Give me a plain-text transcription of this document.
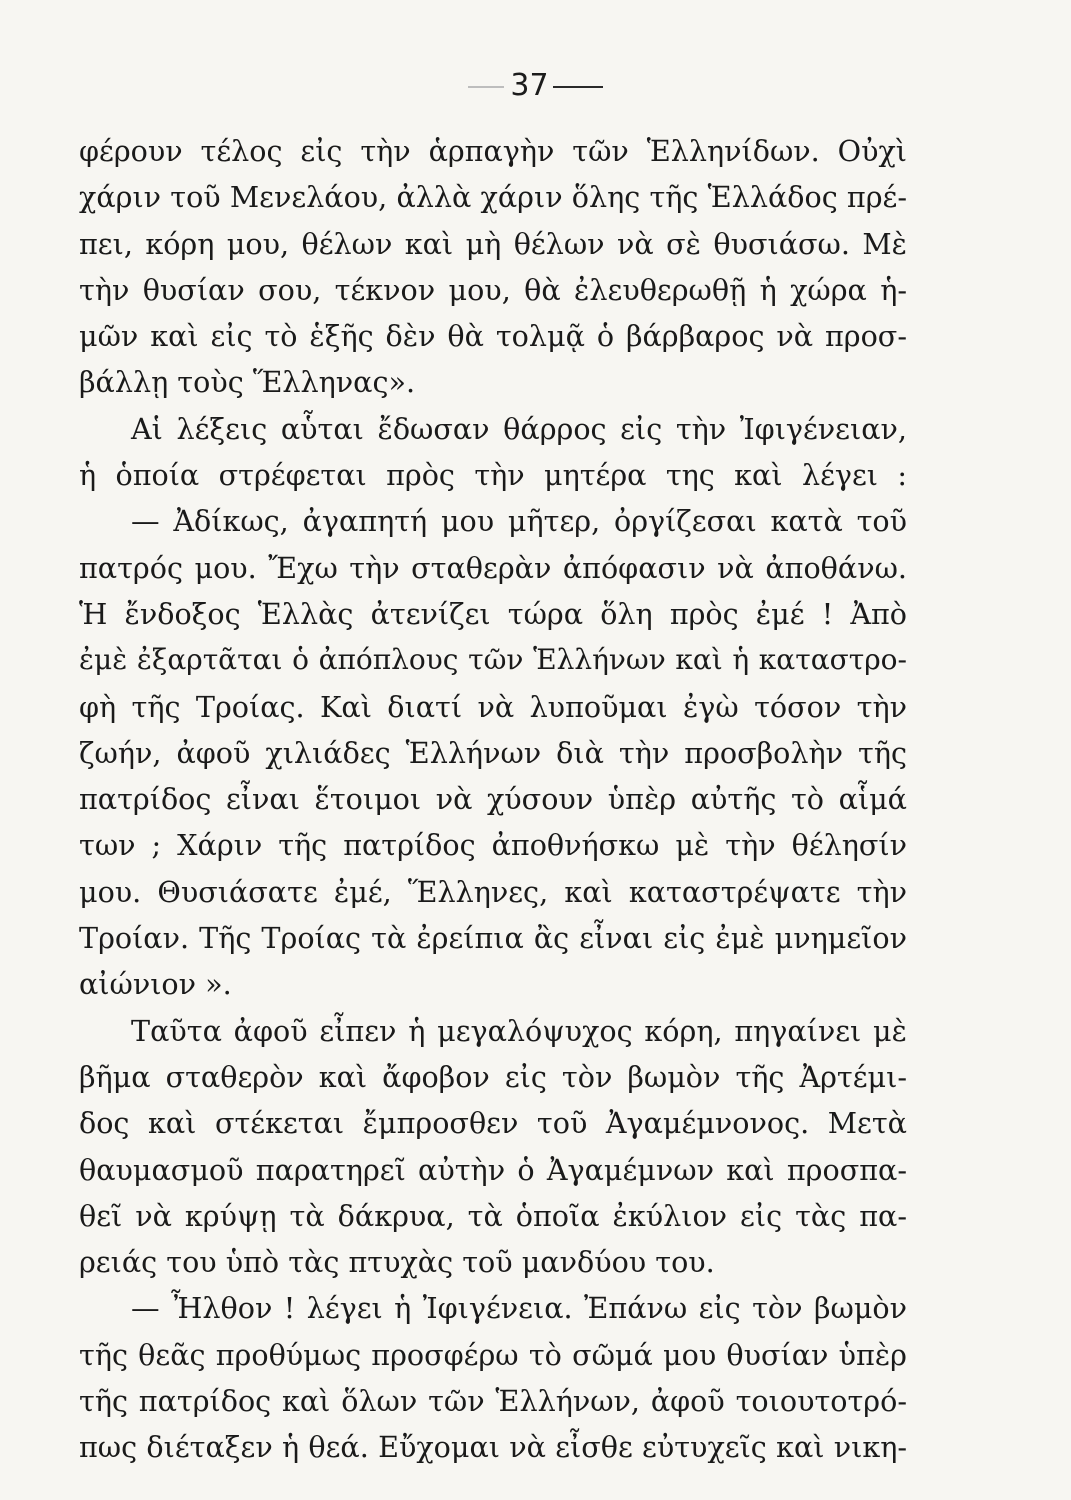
37
φέρουν τέλος εἰς τὴν ἁρπαγὴν τῶν Ἑλληνίδων. Οὐχὶ
χάριν τοῦ Μενελάου, ἀλλὰ χάριν ὅλης τῆς Ἑλλάδος πρέ-
πει, κόρη μου, θέλων καὶ μὴ θέλων νὰ σὲ θυσιάσω. Μὲ
τὴν θυσίαν σου, τέκνον μου, θὰ ἐλευθερωθῇ ἡ χώρα ἡ-
μῶν καὶ εἰς τὸ ἑξῆς δὲν θὰ τολμᾷ ὁ βάρβαρος νὰ προσ-
βάλλῃ τοὺς Ἕλληνας».
Αἱ λέξεις αὗται ἔδωσαν θάρρος εἰς τὴν Ἰφιγένειαν,
ἡ ὁποία στρέφεται πρὸς τὴν μητέρα της καὶ λέγει :
— Ἀδίκως, ἀγαπητή μου μῆτερ, ὀργίζεσαι κατὰ τοῦ
πατρός μου. Ἔχω τὴν σταθερὰν ἀπόφασιν νὰ ἀποθάνω.
Ἡ ἔνδοξος Ἑλλὰς ἀτενίζει τώρα ὅλη πρὸς ἐμέ ! Ἀπὸ
ἐμὲ ἐξαρτᾶται ὁ ἀπόπλους τῶν Ἑλλήνων καὶ ἡ καταστρο-
φὴ τῆς Τροίας. Καὶ διατί νὰ λυποῦμαι ἐγὼ τόσον τὴν
ζωήν, ἀφοῦ χιλιάδες Ἑλλήνων διὰ τὴν προσβολὴν τῆς
πατρίδος εἶναι ἕτοιμοι νὰ χύσουν ὑπὲρ αὐτῆς τὸ αἷμά
των ; Χάριν τῆς πατρίδος ἀποθνήσκω μὲ τὴν θέλησίν
μου. Θυσιάσατε ἐμέ, Ἕλληνες, καὶ καταστρέψατε τὴν
Τροίαν. Τῆς Τροίας τὰ ἐρείπια ἂς εἶναι εἰς ἐμὲ μνημεῖον
αἰώνιον ».
Ταῦτα ἀφοῦ εἶπεν ἡ μεγαλόψυχος κόρη, πηγαίνει μὲ
βῆμα σταθερὸν καὶ ἄφοβον εἰς τὸν βωμὸν τῆς Ἀρτέμι-
δος καὶ στέκεται ἔμπροσθεν τοῦ Ἀγαμέμνονος. Μετὰ
θαυμασμοῦ παρατηρεῖ αὐτὴν ὁ Ἀγαμέμνων καὶ προσπα-
θεῖ νὰ κρύψῃ τὰ δάκρυα, τὰ ὁποῖα ἐκύλιον εἰς τὰς πα-
ρειάς του ὑπὸ τὰς πτυχὰς τοῦ μανδύου του.
— Ἦλθον ! λέγει ἡ Ἰφιγένεια. Ἐπάνω εἰς τὸν βωμὸν
τῆς θεᾶς προθύμως προσφέρω τὸ σῶμά μου θυσίαν ὑπὲρ
τῆς πατρίδος καὶ ὅλων τῶν Ἑλλήνων, ἀφοῦ τοιουτοτρό-
πως διέταξεν ἡ θεά. Εὔχομαι νὰ εἶσθε εὐτυχεῖς καὶ νικη-
